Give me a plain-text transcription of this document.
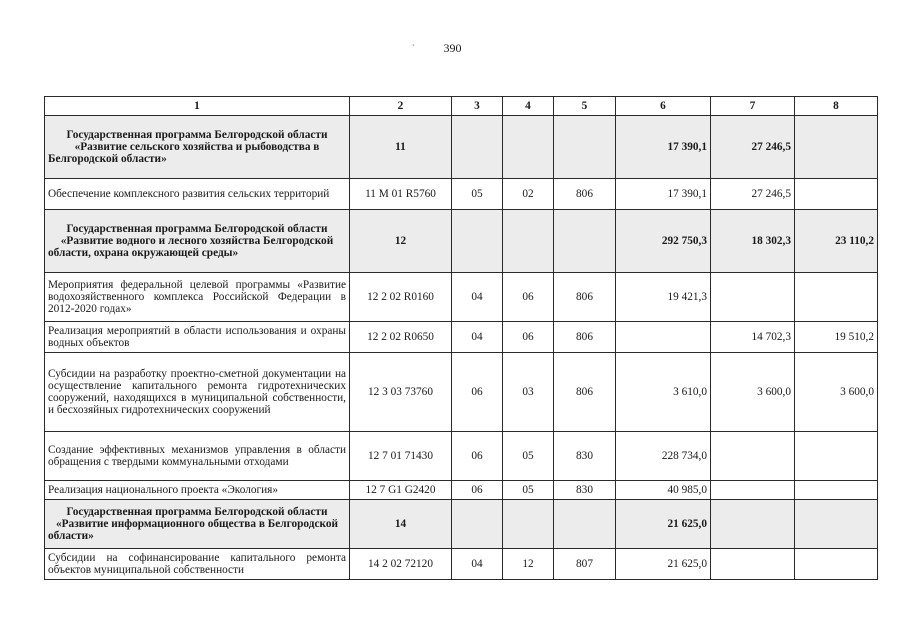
390
`
1	2	3	4	5	6	7	8
Государственная программа Белгородской области «Развитие сельского хозяйства и рыбоводства в Белгородской области»	11				17 390,1	27 246,5	
Обеспечение комплексного развития сельских территорий	11 М 01 R5760	05	02	806	17 390,1	27 246,5	
Государственная программа Белгородской области «Развитие водного и лесного хозяйства Белгородской области, охрана окружающей среды»	12				292 750,3	18 302,3	23 110,2
Мероприятия федеральной целевой программы «Развитие водохозяйственного комплекса Российской Федерации в 2012-2020 годах»	12 2 02 R0160	04	06	806	19 421,3		
Реализация мероприятий в области использования и охраны водных объектов	12 2 02 R0650	04	06	806		14 702,3	19 510,2
Субсидии на разработку проектно-сметной документации на осуществление капитального ремонта гидротехнических сооружений, находящихся в муниципальной собственности, и бесхозяйных гидротехнических сооружений	12 3 03 73760	06	03	806	3 610,0	3 600,0	3 600,0
Создание эффективных механизмов управления в области обращения с твердыми коммунальными отходами	12 7 01 71430	06	05	830	228 734,0		
Реализация национального проекта «Экология»	12 7 G1 G2420	06	05	830	40 985,0		
Государственная программа Белгородской области «Развитие информационного общества в Белгородской области»	14				21 625,0		
Субсидии на софинансирование капитального ремонта объектов муниципальной собственности	14 2 02 72120	04	12	807	21 625,0		
